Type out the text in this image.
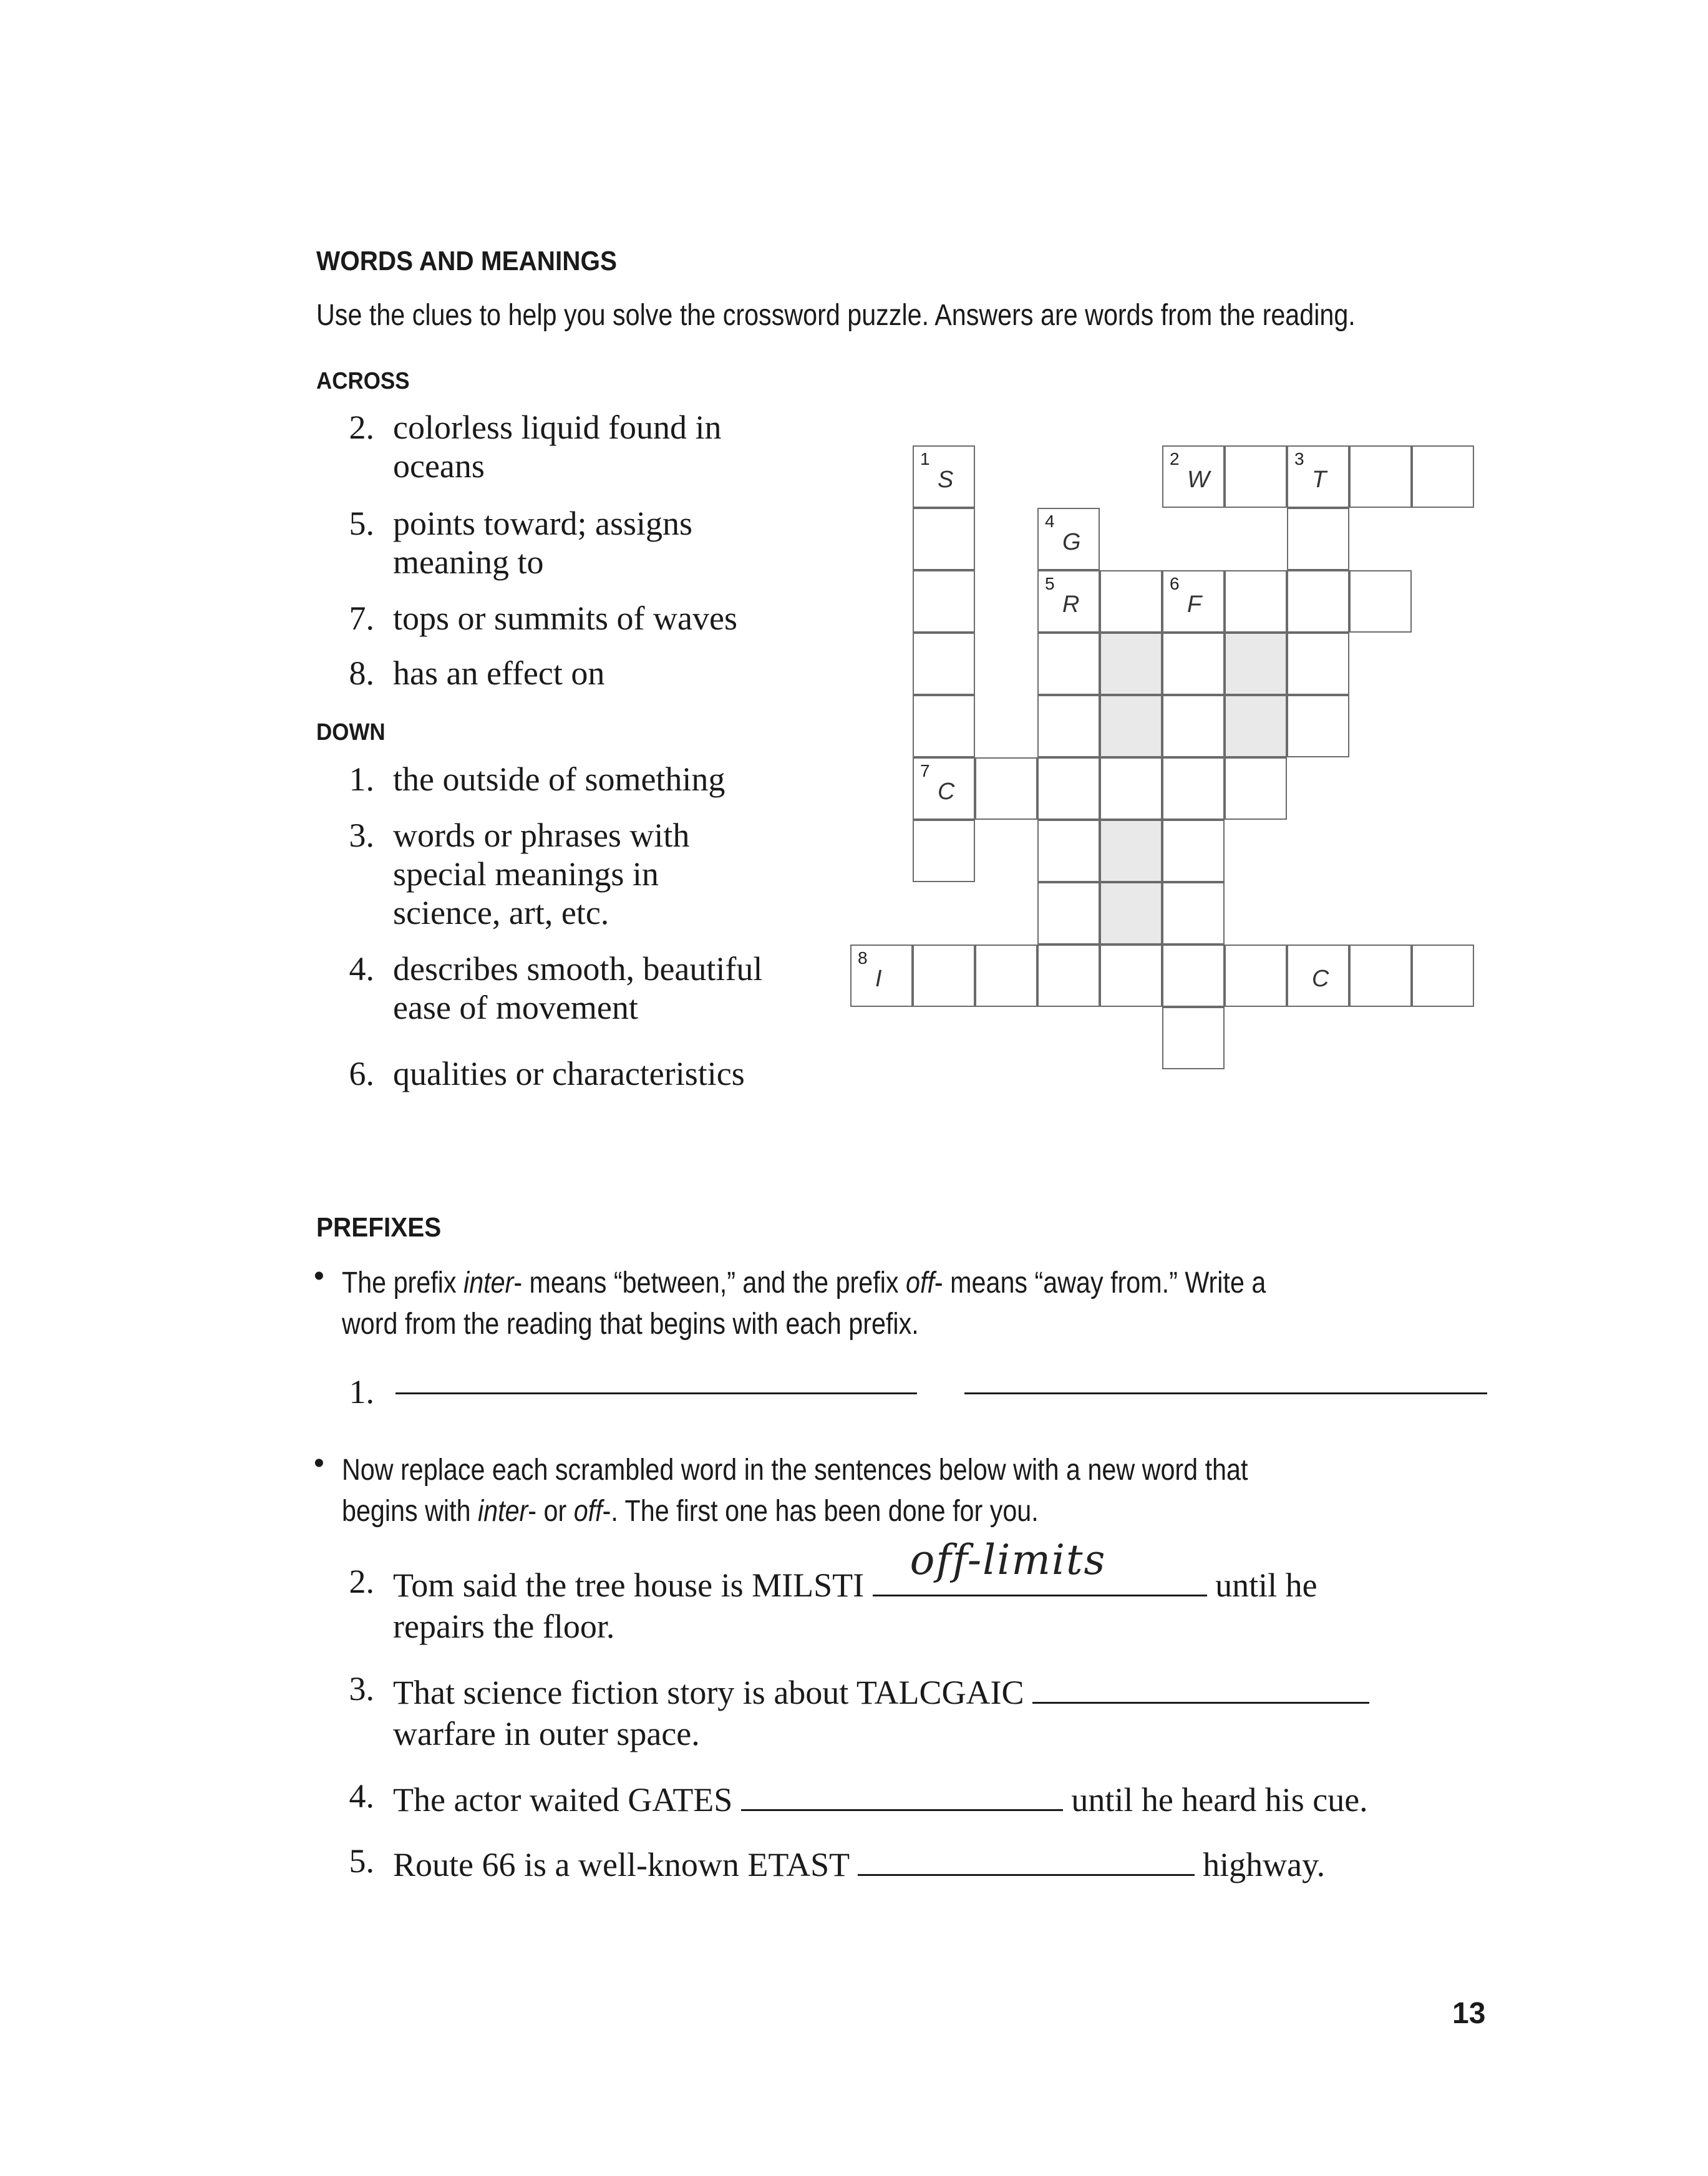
WORDS AND MEANINGS
Use the clues to help you solve the crossword puzzle. Answers are words from the reading.
ACROSS
2. colorless liquid found in
oceans
5. points toward; assigns
meaning to
7. tops or summits of waves
8. has an effect on
DOWN
1. the outside of something
3. words or phrases with
special meanings in
science, art, etc.
4. describes smooth, beautiful
ease of movement
6. qualities or characteristics
1
S
2
W
3
T
4
G
5
R
6
F
7
C
8
I	C
PREFIXES
• The prefix inter- means “between,” and the prefix off- means “away from.” Write a
word from the reading that begins with each prefix.
1.
• Now replace each scrambled word in the sentences below with a new word that
begins with inter- or off-. The first one has been done for you.
2. Tom said the tree house is MILSTI
off-limits
until he
repairs the floor.
3. That science fiction story is about TALCGAIC
warfare in outer space.
4. The actor waited GATES	until he heard his cue.
5. Route 66 is a well-known ETAST	highway.
13
